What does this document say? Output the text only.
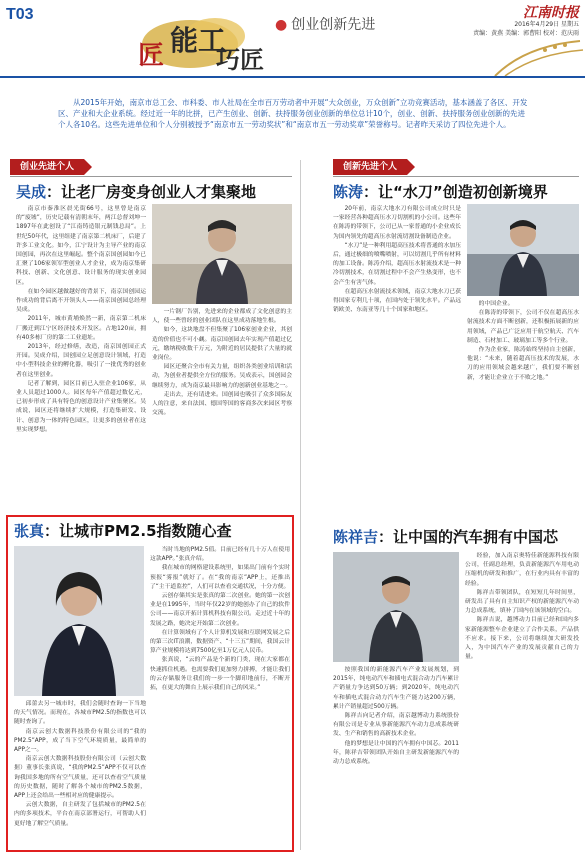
T03
匠 能工
巧匠
● 创业创新先进
江南时报
2016年4月29日 星期五
责编：黄燕 美编：郭曹阳 校对：范庆雨
从2015年开始，南京市总工会、市科委、市人社局在全市百万劳动者中开展“大众创业，万众创新”立功竞赛活动，基本涵盖了各区、开发区、产业和大企业系统。经过近一年的比拼，已产生创业、创新、扶持服务创业创新的单位总计10个，创业、创新、扶持服务创业创新的先进个人各10名。这些先进单位和个人分别被授予“南京市五一劳动奖状”和“南京市五一劳动奖章”荣誉称号。记者昨天采访了四位先进个人。
创业先进个人	创新先进个人
吴成：让老厂房变身创业人才集聚地

南京市秦淮区晨光街66号，这里曾是南京的“废墟”，历史记载有清朝末年，两江总督刘坤一1897年在此创设了“江南铸造银元制钱总局”。上世纪50年代，这里组建了南京第二机床厂，后建了许多工业文化。如今，江宁设计为主导产业的南京国创园，再次在这里崛起。整个南京国创园如今已汇聚了106家领军型创业人才企业，成为南京集研科技、创新、文化创意、设计服务的现实创业园区。

在如今园区越做越好的背景下，南京国创园运作成功的背后离不开领头人——南京国创园总经理吴成。

2011年，城市黄埔焕然一新，南京第二机床厂搬迁到江宁区经济技术开发区。占地120亩，拥有40多栋厂房的第二工业遗址。

2013年，经过修缮，改造，南京国创园正式开园。吴成介绍，国创园立足创意设计领域，打造中小型科技企业的孵化器，吸引了一批优秀的创业者在这里创业。

记者了解到，园区目前已入驻企业106家，从业人员超过1000人。园区每年产值超过数亿元，已初步形成了具有特色的创意设计产业集聚区。吴成说，园区还将继续扩大规模，打造集研发、设计、创意为一体的特色园区，让更多的创业者在这里实现梦想。

一片钢厂告别，先进来的企业都成了文化创意的主人，使一些曾经的创业团队在这里成功落地生根。

如今，这块地盘不但集聚了106家创业企业，其创造的价值也不可小觑。南京国创园去年实现产值超过亿元，缴纳税收数千万元，为附近的居民提供了大量的就业岗位。

园区还聚合全市有关力量，组织各类创业培训和活动，为创业者提供全方位的服务。吴成表示，国创园会继续努力，成为南京最具影响力的创新创业基地之一。

走出去，还有请进来。国创园也吸引了众多国际友人的注意，来自法国、德国等国的客商多次来园区考察交流。

陈涛：让“水刀”创造初创新境界

20年前，南京大地水刀有限公司成立时只是一家经营各种超高压水刀切割机的小公司。这些年在陈涛的带领下，公司已从一家普通的小企业成长为国内领先的超高压水射流切割设备制造企业。

“水刀”是一种利用超高压技术将普通的水加压后，通过极细的喷嘴喷射，可以切割几乎所有材料的加工设备。陈涛介绍，超高压水射流技术是一种冷切割技术，在切割过程中不会产生热变形，也不会产生有害气体。

在超高压水射流技术领域，南京大地水刀已获得国家专利几十项，在国内处于领先水平。产品远销欧美、东南亚等几十个国家和地区。

的中国企业。

在陈涛的带领下，公司不仅在超高压水射流技术方面不断创新，还积极拓展新的应用领域，产品已广泛应用于航空航天、汽车制造、石材加工、玻璃加工等多个行业。

作为企业家，陈涛始终坚持自主创新，他说：“未来，随着超高压技术的发展，水刀的应用领域会越来越广，我们要不断创新，才能让企业立于不败之地。”

张真：让城市PM2.5指数随心查

邱蕾去另一城市时，我们会随时查询一下当地的天气情况。而现在，各城市PM2.5的指数也可以随时查询了。

南京云创大数据科技股份有限公司的“我的PM2.5”APP，成了当下空气环境质量，最简单的APP之一。

南京云创大数据科技股份有限公司（云创大数据）董事长张真说，“我的PM2.5”APP不仅可以查询我国多地的所有空气质量，还可以查看空气质量的历史数据，随时了解各个城市的PM2.5数据，APP上还会给出一些相对应的健康提示。

云创大数据，自主研发了包括城市的PM2.5在内的多项技术，平台在南京部署运行，可帮助人们更好地了解空气质量。

当时当地的PM2.5值。目前已经有几十万人在使用这款APP。”张真介绍。

我在城市的网格建设系统里，如果出门前有个实时预报“雾报”就好了。在“我的南京”APP上，还推出了“主干道监控”，人们可以查看交通状况，十分方便。

云创存储其实是张真的第二次创业。她的第一次创业是在1995年，当时年仅22岁的她创办了自己的软件公司——南京开拓计算机科技有限公司。走过近十年的发展之路，她决定开始第二次创业。

在计算领域有了个人计算机发展和互联网发展之后的第三次IT浪潮，数据资产、“十三五”期间，我国云计算产业规模将达到7500亿至1万亿元人民币。

张真说，“云的产品是个新的门类，现在大家都在快速抓住机遇。也需要我们更加努力拼搏，才能让我们的云存储服务让我们的一步一个脚印地前行，不断开拓，在更大的舞台上展示我们自己的风采。”

陈祥吉：让中国的汽车拥有中国芯

按照我国的新能源汽车产业发展规划，到2015年，纯电动汽车和插电式混合动力汽车累计产销量力争达到50万辆；到2020年，纯电动汽车和插电式混合动力汽车生产能力达200万辆，累计产销量超过500万辆。

陈祥吉向记者介绍，南京越博动力系统股份有限公司是专业从事新能源汽车动力总成系统研发、生产和销售的高新技术企业。

他的梦想是让中国的汽车拥有中国芯。2011年，陈祥吉带领团队开始自主研发新能源汽车的动力总成系统。

经验，加入南京奥特佳新能源科技有限公司，任副总经理，负责新能源汽车用电动压缩机的研发和推广，在行业内具有丰富的经验。

陈祥吉带领团队，在短短几年时间里，研发出了具有自主知识产权的新能源汽车动力总成系统，填补了国内在该领域的空白。

陈祥吉说，越博动力目前已经和国内多家新能源整车企业建立了合作关系，产品供不应求。接下来，公司将继续加大研发投入，为中国汽车产业的发展贡献自己的力量。
